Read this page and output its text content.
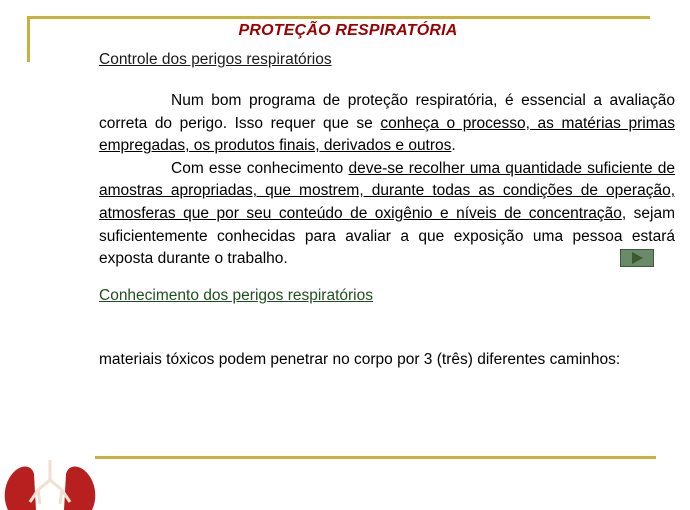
PROTEÇÃO RESPIRATÓRIA
Controle dos perigos respiratórios
Num bom programa de proteção respiratória, é essencial a avaliação correta do perigo. Isso requer que se conheça o processo, as matérias primas empregadas, os produtos finais, derivados e outros.
Com esse conhecimento deve-se recolher uma quantidade suficiente de amostras apropriadas, que mostrem, durante todas as condições de operação, atmosferas que por seu conteúdo de oxigênio e níveis de concentração, sejam suficientemente conhecidas para avaliar a que exposição uma pessoa estará exposta durante o trabalho.
Conhecimento dos perigos respiratórios
materiais tóxicos podem penetrar no corpo por 3 (três) diferentes caminhos:
